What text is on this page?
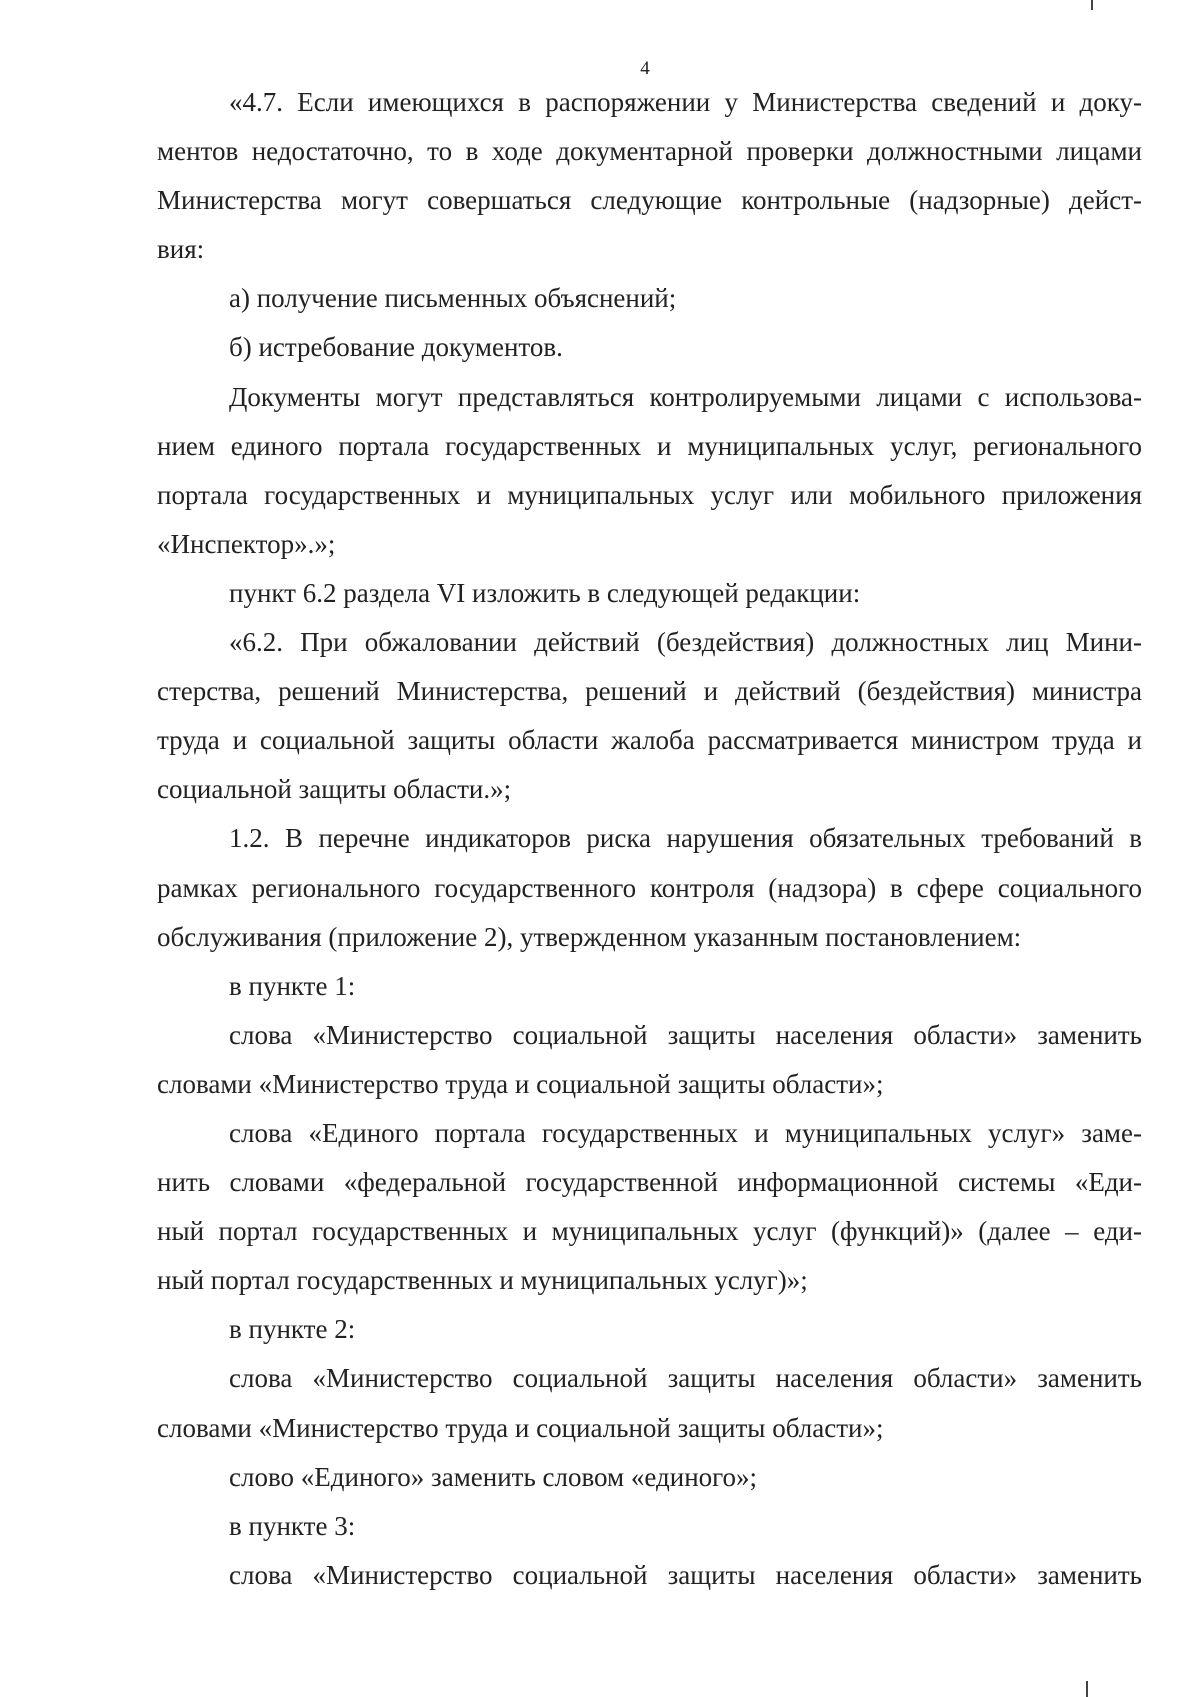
4
«4.7. Если имеющихся в распоряжении у Министерства сведений и доку-
ментов недостаточно, то в ходе документарной проверки должностными лицами
Министерства могут совершаться следующие контрольные (надзорные) дейст-
вия:
а) получение письменных объяснений;
б) истребование документов.
Документы могут представляться контролируемыми лицами с использова-
нием единого портала государственных и муниципальных услуг, регионального
портала государственных и муниципальных услуг или мобильного приложения
«Инспектор».»;
пункт 6.2 раздела VI изложить в следующей редакции:
«6.2. При обжаловании действий (бездействия) должностных лиц Мини-
стерства, решений Министерства, решений и действий (бездействия) министра
труда и социальной защиты области жалоба рассматривается министром труда и
социальной защиты области.»;
1.2. В перечне индикаторов риска нарушения обязательных требований в
рамках регионального государственного контроля (надзора) в сфере социального
обслуживания (приложение 2), утвержденном указанным постановлением:
в пункте 1:
слова «Министерство социальной защиты населения области» заменить
словами «Министерство труда и социальной защиты области»;
слова «Единого портала государственных и муниципальных услуг» заме-
нить словами «федеральной государственной информационной системы «Еди-
ный портал государственных и муниципальных услуг (функций)» (далее – еди-
ный портал государственных и муниципальных услуг)»;
в пункте 2:
слова «Министерство социальной защиты населения области» заменить
словами «Министерство труда и социальной защиты области»;
слово «Единого» заменить словом «единого»;
в пункте 3:
слова «Министерство социальной защиты населения области» заменить
